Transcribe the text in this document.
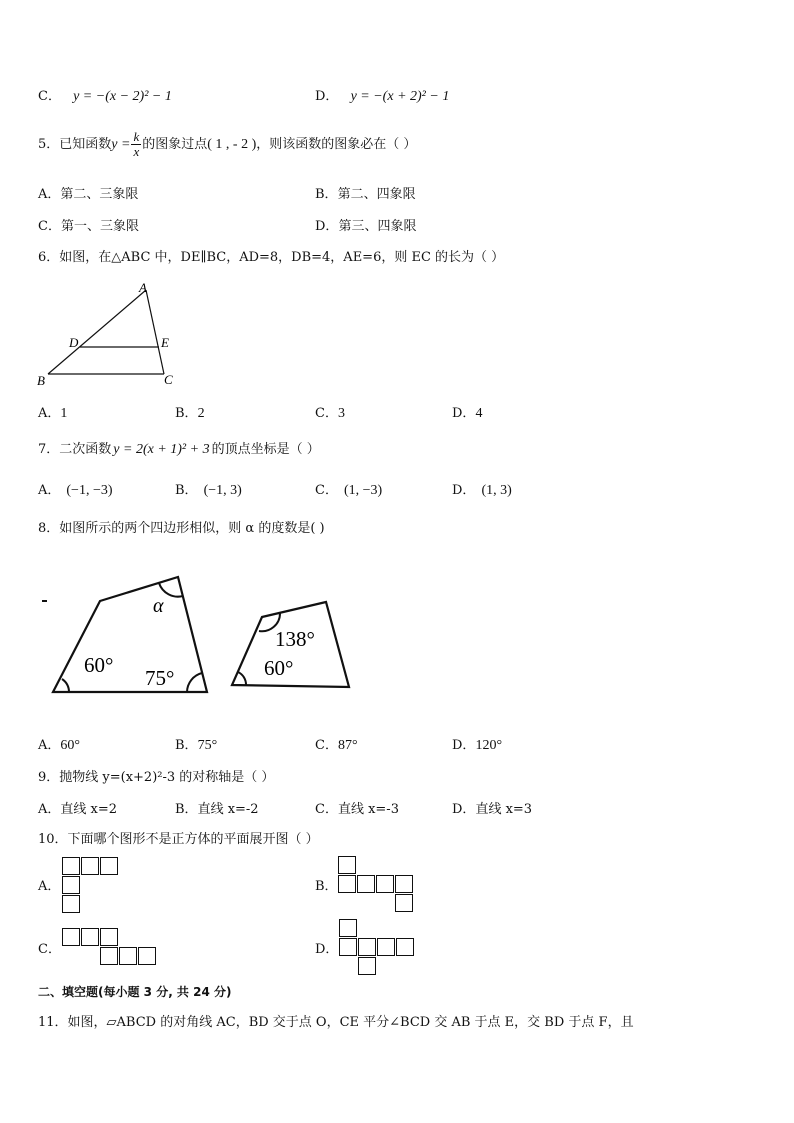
C． y = −(x − 2)² − 1	D． y = −(x + 2)² − 1
5．已知函数$y = \frac{k}{x}$ 的图象过点( 1 , - 2 )，则该函数的图象必在（ ）
A．第二、三象限	B．第二、四象限
C．第一、三象限	D．第三、四象限
6．如图，在△ABC 中，DE∥BC，AD=8，DB=4，AE=6，则 EC 的长为（ ）
A
D	E
B	C
A．1	B．2	C．3	D．4
7．二次函数 y = 2(x + 1)² + 3 的顶点坐标是（ ）
A． (−1, −3)	B． (−1, 3)	C． (1, −3)	D． (1, 3)
8．如图所示的两个四边形相似，则 α 的度数是( )
α
60°
75°
138°
60°
A．60°	B．75°	C．87°	D．120°
9．抛物线 y=(x+2)²-3 的对称轴是（ ）
A．直线 x=2	B．直线 x=-2	C．直线 x=-3	D．直线 x=3
10．下面哪个图形不是正方体的平面展开图（ ）
A．	B．
C．	D．
二、填空题(每小题 3 分, 共 24 分)
11．如图，▱ABCD 的对角线 AC，BD 交于点 O，CE 平分∠BCD 交 AB 于点 E，交 BD 于点 F，且
